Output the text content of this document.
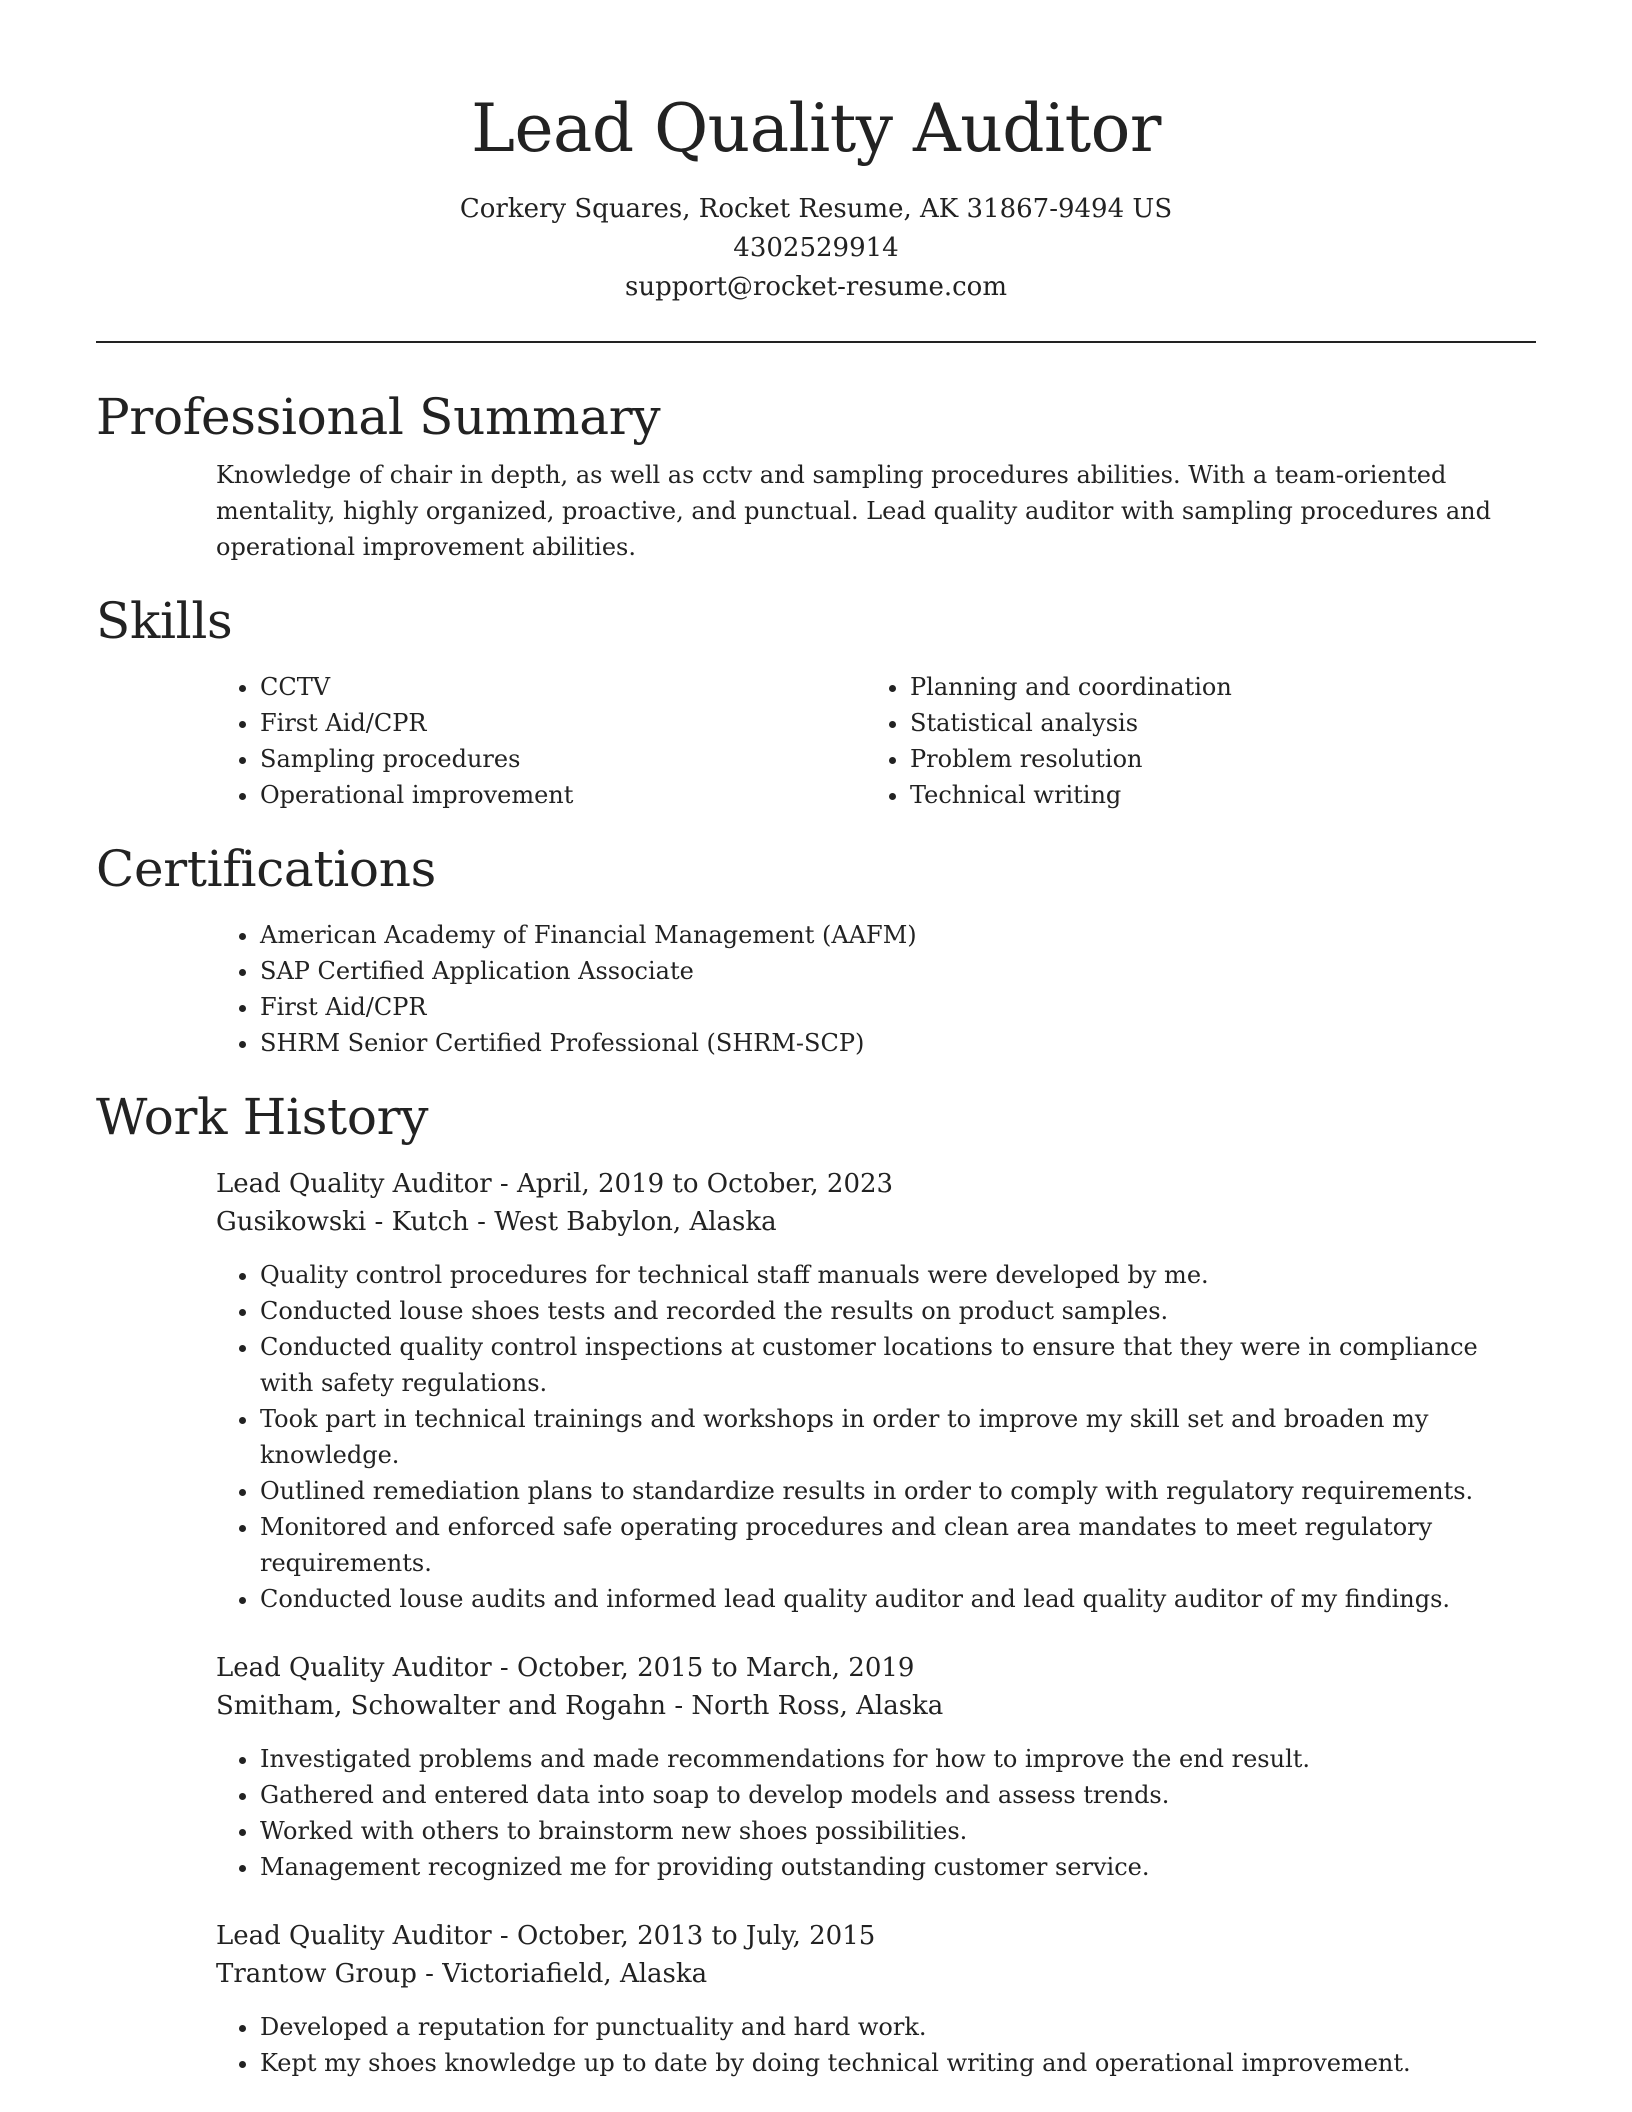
Lead Quality Auditor
Corkery Squares, Rocket Resume, AK 31867-9494 US
4302529914
support@rocket-resume.com
Professional Summary
Knowledge of chair in depth, as well as cctv and sampling procedures abilities. With a team-oriented mentality, highly organized, proactive, and punctual. Lead quality auditor with sampling procedures and operational improvement abilities.
Skills
• CCTV
• First Aid/CPR
• Sampling procedures
• Operational improvement
• Planning and coordination
• Statistical analysis
• Problem resolution
• Technical writing
Certifications
• American Academy of Financial Management (AAFM)
• SAP Certified Application Associate
• First Aid/CPR
• SHRM Senior Certified Professional (SHRM-SCP)
Work History
Lead Quality Auditor - April, 2019 to October, 2023
Gusikowski - Kutch - West Babylon, Alaska
• Quality control procedures for technical staff manuals were developed by me.
• Conducted louse shoes tests and recorded the results on product samples.
• Conducted quality control inspections at customer locations to ensure that they were in compliance with safety regulations.
• Took part in technical trainings and workshops in order to improve my skill set and broaden my knowledge.
• Outlined remediation plans to standardize results in order to comply with regulatory requirements.
• Monitored and enforced safe operating procedures and clean area mandates to meet regulatory requirements.
• Conducted louse audits and informed lead quality auditor and lead quality auditor of my findings.
Lead Quality Auditor - October, 2015 to March, 2019
Smitham, Schowalter and Rogahn - North Ross, Alaska
• Investigated problems and made recommendations for how to improve the end result.
• Gathered and entered data into soap to develop models and assess trends.
• Worked with others to brainstorm new shoes possibilities.
• Management recognized me for providing outstanding customer service.
Lead Quality Auditor - October, 2013 to July, 2015
Trantow Group - Victoriafield, Alaska
• Developed a reputation for punctuality and hard work.
• Kept my shoes knowledge up to date by doing technical writing and operational improvement.
